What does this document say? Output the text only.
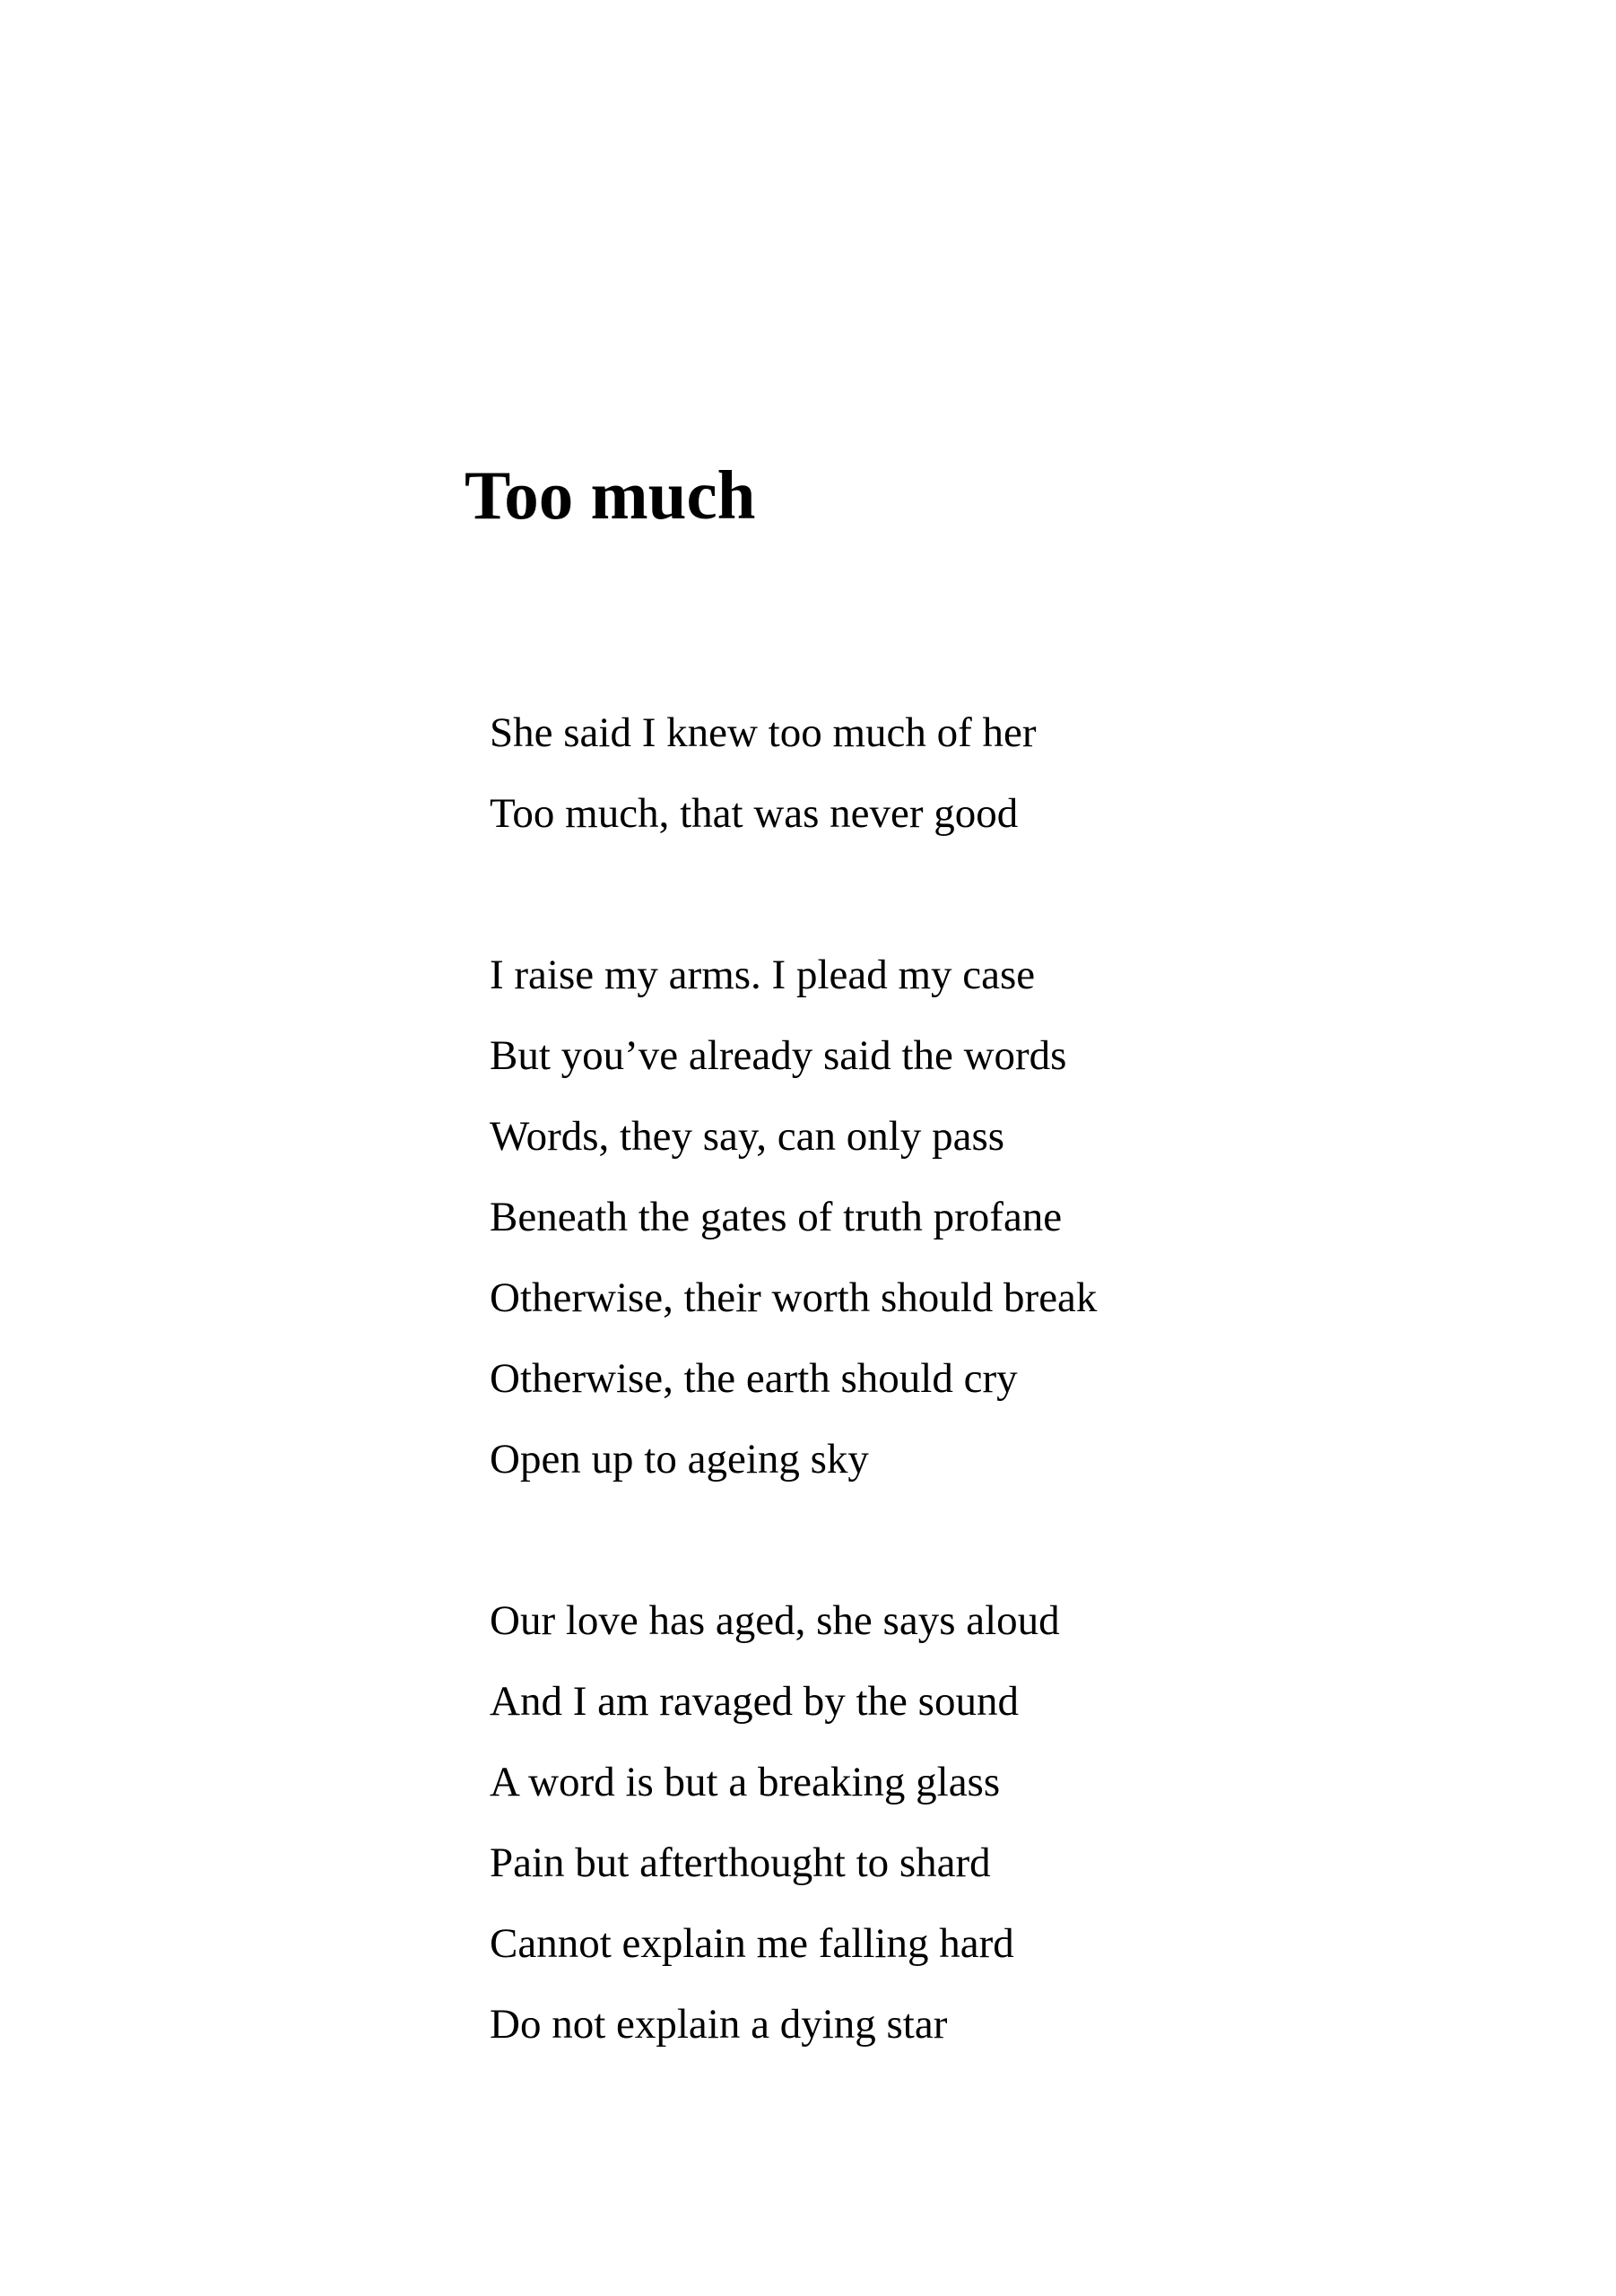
Too much
She said I knew too much of her
Too much, that was never good
I raise my arms. I plead my case
But you’ve already said the words
Words, they say, can only pass
Beneath the gates of truth profane
Otherwise, their worth should break
Otherwise, the earth should cry
Open up to ageing sky
Our love has aged, she says aloud
And I am ravaged by the sound
A word is but a breaking glass
Pain but afterthought to shard
Cannot explain me falling hard
Do not explain a dying star
